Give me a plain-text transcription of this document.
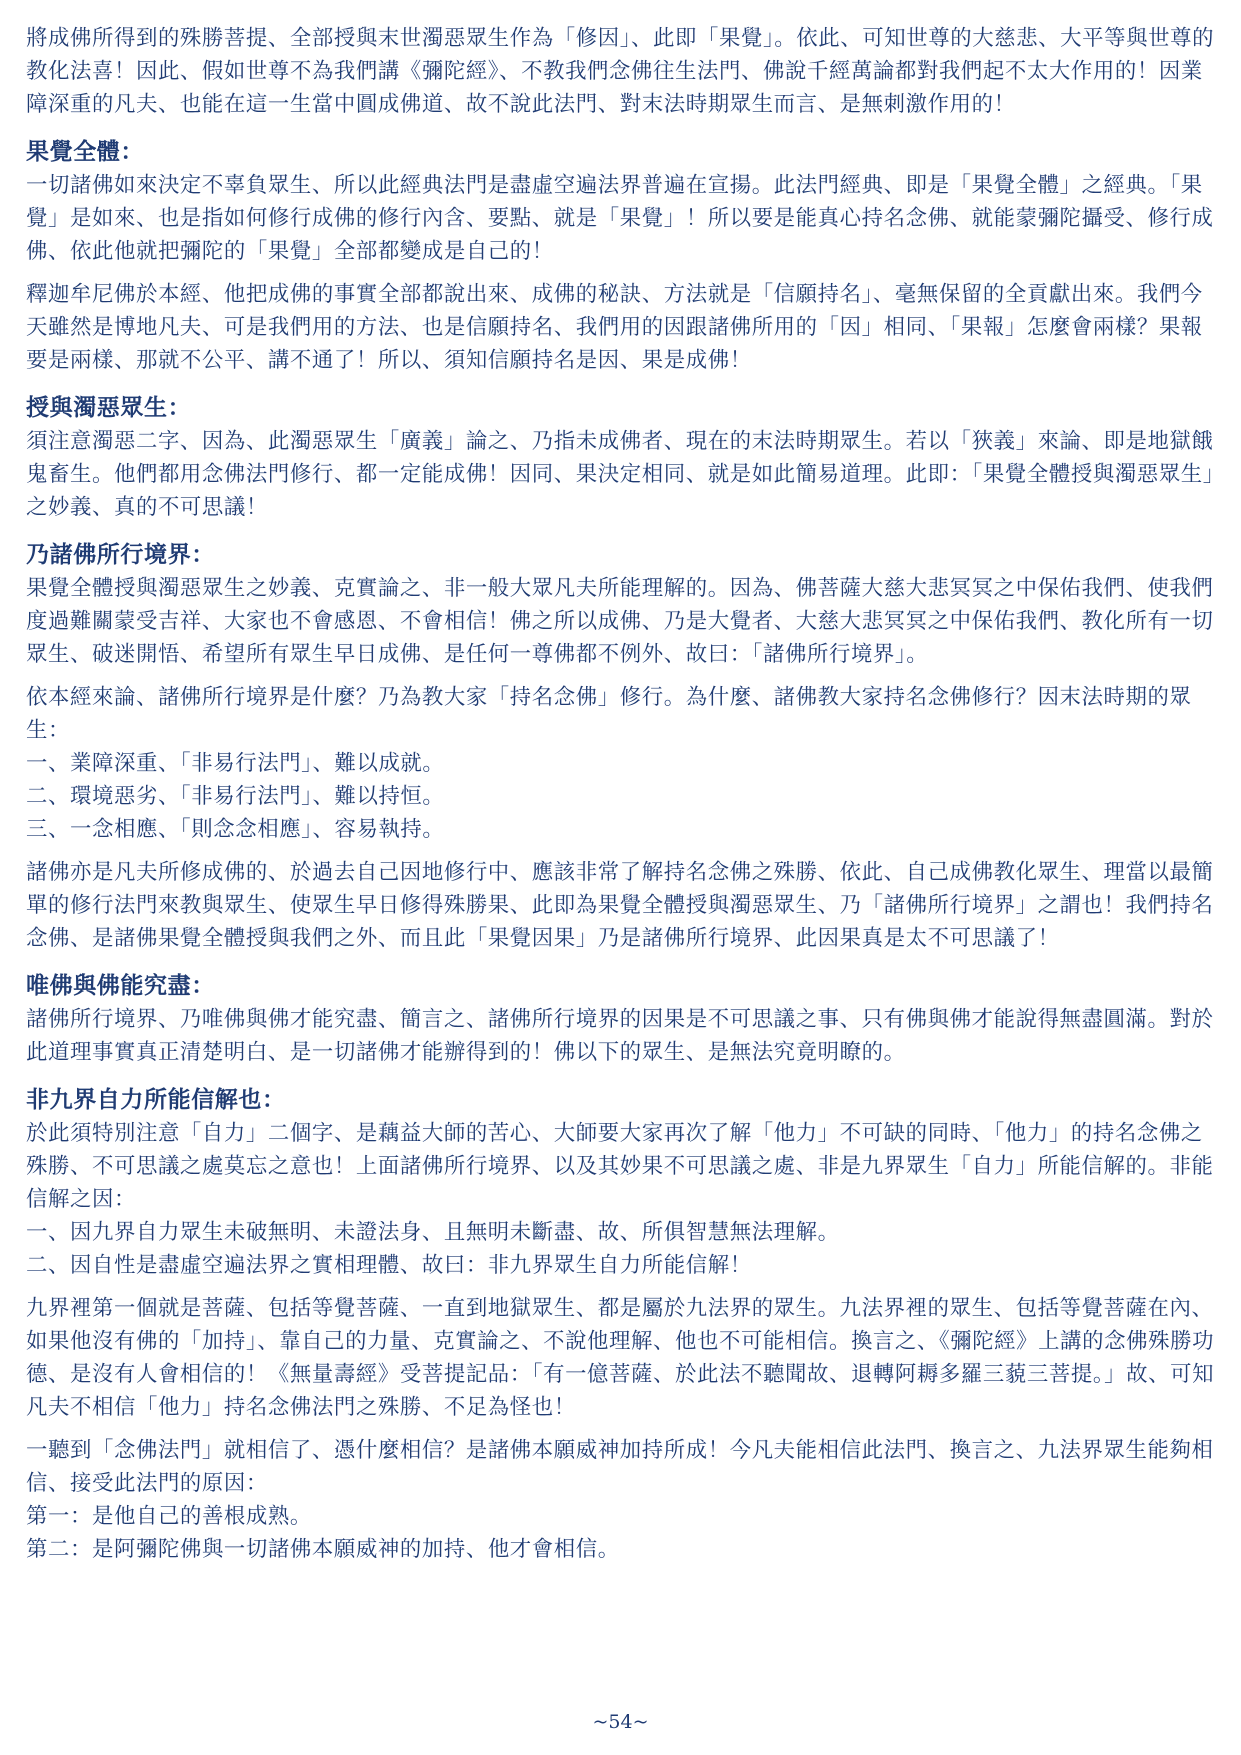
將成佛所得到的殊勝菩提、全部授與末世濁惡眾生作為「修因」、此即「果覺」。依此、可知世尊的大慈悲、大平等與世尊的教化法喜！因此、假如世尊不為我們講《彌陀經》、不教我們念佛往生法門、佛說千經萬論都對我們起不太大作用的！因業障深重的凡夫、也能在這一生當中圓成佛道、故不說此法門、對末法時期眾生而言、是無刺激作用的！

果覺全體：

一切諸佛如來決定不辜負眾生、所以此經典法門是盡虛空遍法界普遍在宣揚。此法門經典、即是「果覺全體」之經典。「果覺」是如來、也是指如何修行成佛的修行內含、要點、就是「果覺」！所以要是能真心持名念佛、就能蒙彌陀攝受、修行成佛、依此他就把彌陀的「果覺」全部都變成是自己的！

釋迦牟尼佛於本經、他把成佛的事實全部都說出來、成佛的秘訣、方法就是「信願持名」、毫無保留的全貢獻出來。我們今天雖然是博地凡夫、可是我們用的方法、也是信願持名、我們用的因跟諸佛所用的「因」相同、「果報」怎麼會兩樣？果報要是兩樣、那就不公平、講不通了！所以、須知信願持名是因、果是成佛！

授與濁惡眾生：

須注意濁惡二字、因為、此濁惡眾生「廣義」論之、乃指未成佛者、現在的末法時期眾生。若以「狹義」來論、即是地獄餓鬼畜生。他們都用念佛法門修行、都一定能成佛！因同、果決定相同、就是如此簡易道理。此即：「果覺全體授與濁惡眾生」之妙義、真的不可思議！

乃諸佛所行境界：

果覺全體授與濁惡眾生之妙義、克實論之、非一般大眾凡夫所能理解的。因為、佛菩薩大慈大悲冥冥之中保佑我們、使我們度過難關蒙受吉祥、大家也不會感恩、不會相信！佛之所以成佛、乃是大覺者、大慈大悲冥冥之中保佑我們、教化所有一切眾生、破迷開悟、希望所有眾生早日成佛、是任何一尊佛都不例外、故曰：「諸佛所行境界」。

依本經來論、諸佛所行境界是什麼？乃為教大家「持名念佛」修行。為什麼、諸佛教大家持名念佛修行？因末法時期的眾生：

一、業障深重、「非易行法門」、難以成就。

二、環境惡劣、「非易行法門」、難以持恒。

三、一念相應、「則念念相應」、容易執持。

諸佛亦是凡夫所修成佛的、於過去自己因地修行中、應該非常了解持名念佛之殊勝、依此、自己成佛教化眾生、理當以最簡單的修行法門來教與眾生、使眾生早日修得殊勝果、此即為果覺全體授與濁惡眾生、乃「諸佛所行境界」之謂也！我們持名念佛、是諸佛果覺全體授與我們之外、而且此「果覺因果」乃是諸佛所行境界、此因果真是太不可思議了！

唯佛與佛能究盡：

諸佛所行境界、乃唯佛與佛才能究盡、簡言之、諸佛所行境界的因果是不可思議之事、只有佛與佛才能說得無盡圓滿。對於此道理事實真正清楚明白、是一切諸佛才能辦得到的！佛以下的眾生、是無法究竟明瞭的。

非九界自力所能信解也：

於此須特別注意「自力」二個字、是藕益大師的苦心、大師要大家再次了解「他力」不可缺的同時、「他力」的持名念佛之殊勝、不可思議之處莫忘之意也！上面諸佛所行境界、以及其妙果不可思議之處、非是九界眾生「自力」所能信解的。非能信解之因：

一、因九界自力眾生未破無明、未證法身、且無明未斷盡、故、所俱智慧無法理解。

二、因自性是盡虛空遍法界之實相理體、故曰：非九界眾生自力所能信解！

九界裡第一個就是菩薩、包括等覺菩薩、一直到地獄眾生、都是屬於九法界的眾生。九法界裡的眾生、包括等覺菩薩在內、如果他沒有佛的「加持」、靠自己的力量、克實論之、不說他理解、他也不可能相信。換言之、《彌陀經》上講的念佛殊勝功德、是沒有人會相信的！《無量壽經》受菩提記品：「有一億菩薩、於此法不聽聞故、退轉阿耨多羅三藐三菩提。」故、可知凡夫不相信「他力」持名念佛法門之殊勝、不足為怪也！

一聽到「念佛法門」就相信了、憑什麼相信？是諸佛本願威神加持所成！今凡夫能相信此法門、換言之、九法界眾生能夠相信、接受此法門的原因：

第一：是他自己的善根成熟。

第二：是阿彌陀佛與一切諸佛本願威神的加持、他才會相信。

~54~
